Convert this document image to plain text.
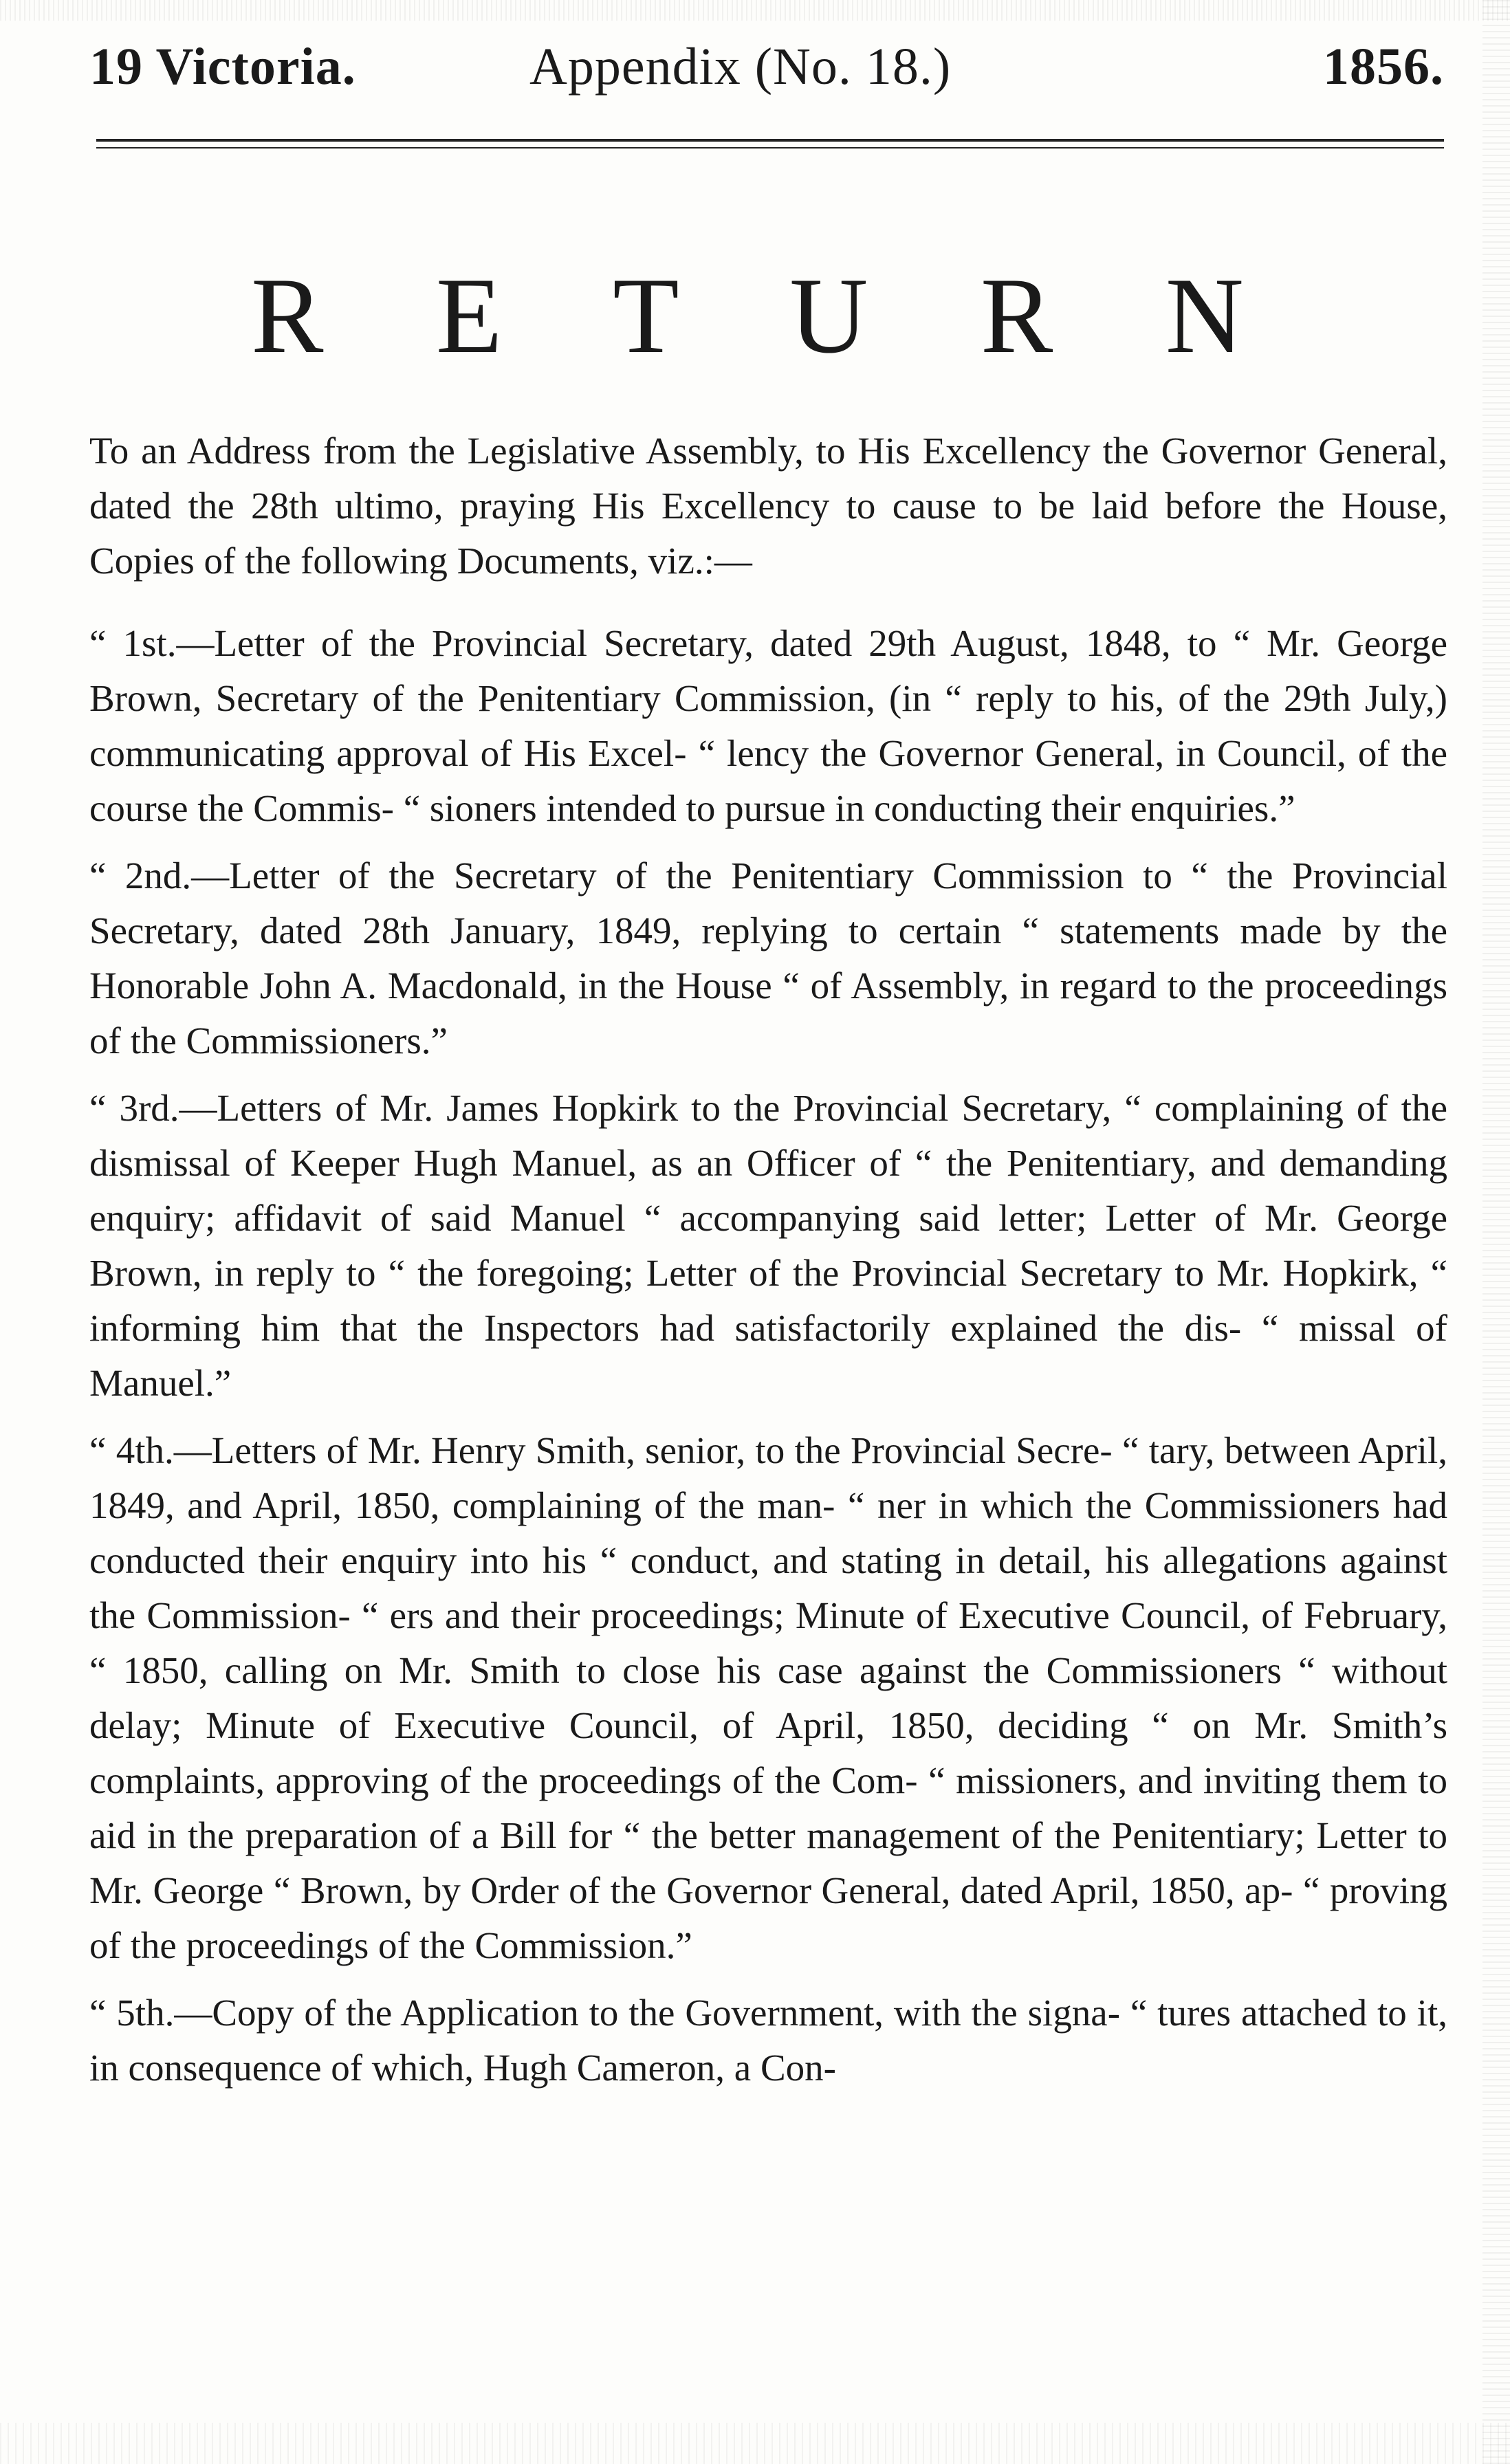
19 Victoria.	Appendix (No. 18.)	1856.
R E T U R N

To an Address from the Legislative Assembly, to His Excellency the Governor General, dated the 28th ultimo, praying His Excellency to cause to be laid before the House, Copies of the following Documents, viz.:—

“ 1st.—Letter of the Provincial Secretary, dated 29th August, 1848, to “ Mr. George Brown, Secretary of the Penitentiary Commission, (in “ reply to his, of the 29th July,) communicating approval of His Excel- “ lency the Governor General, in Council, of the course the Commis- “ sioners intended to pursue in conducting their enquiries.”

“ 2nd.—Letter of the Secretary of the Penitentiary Commission to “ the Provincial Secretary, dated 28th January, 1849, replying to certain “ statements made by the Honorable John A. Macdonald, in the House “ of Assembly, in regard to the proceedings of the Commissioners.”

“ 3rd.—Letters of Mr. James Hopkirk to the Provincial Secretary, “ complaining of the dismissal of Keeper Hugh Manuel, as an Officer of “ the Penitentiary, and demanding enquiry; affidavit of said Manuel “ accompanying said letter; Letter of Mr. George Brown, in reply to “ the foregoing; Letter of the Provincial Secretary to Mr. Hopkirk, “ informing him that the Inspectors had satisfactorily explained the dis- “ missal of Manuel.”

“ 4th.—Letters of Mr. Henry Smith, senior, to the Provincial Secre- “ tary, between April, 1849, and April, 1850, complaining of the man- “ ner in which the Commissioners had conducted their enquiry into his “ conduct, and stating in detail, his allegations against the Commission- “ ers and their proceedings; Minute of Executive Council, of February, “ 1850, calling on Mr. Smith to close his case against the Commissioners “ without delay; Minute of Executive Council, of April, 1850, deciding “ on Mr. Smith’s complaints, approving of the proceedings of the Com- “ missioners, and inviting them to aid in the preparation of a Bill for “ the better management of the Penitentiary; Letter to Mr. George “ Brown, by Order of the Governor General, dated April, 1850, ap- “ proving of the proceedings of the Commission.”

“ 5th.—Copy of the Application to the Government, with the signa- “ tures attached to it, in consequence of which, Hugh Cameron, a Con-
